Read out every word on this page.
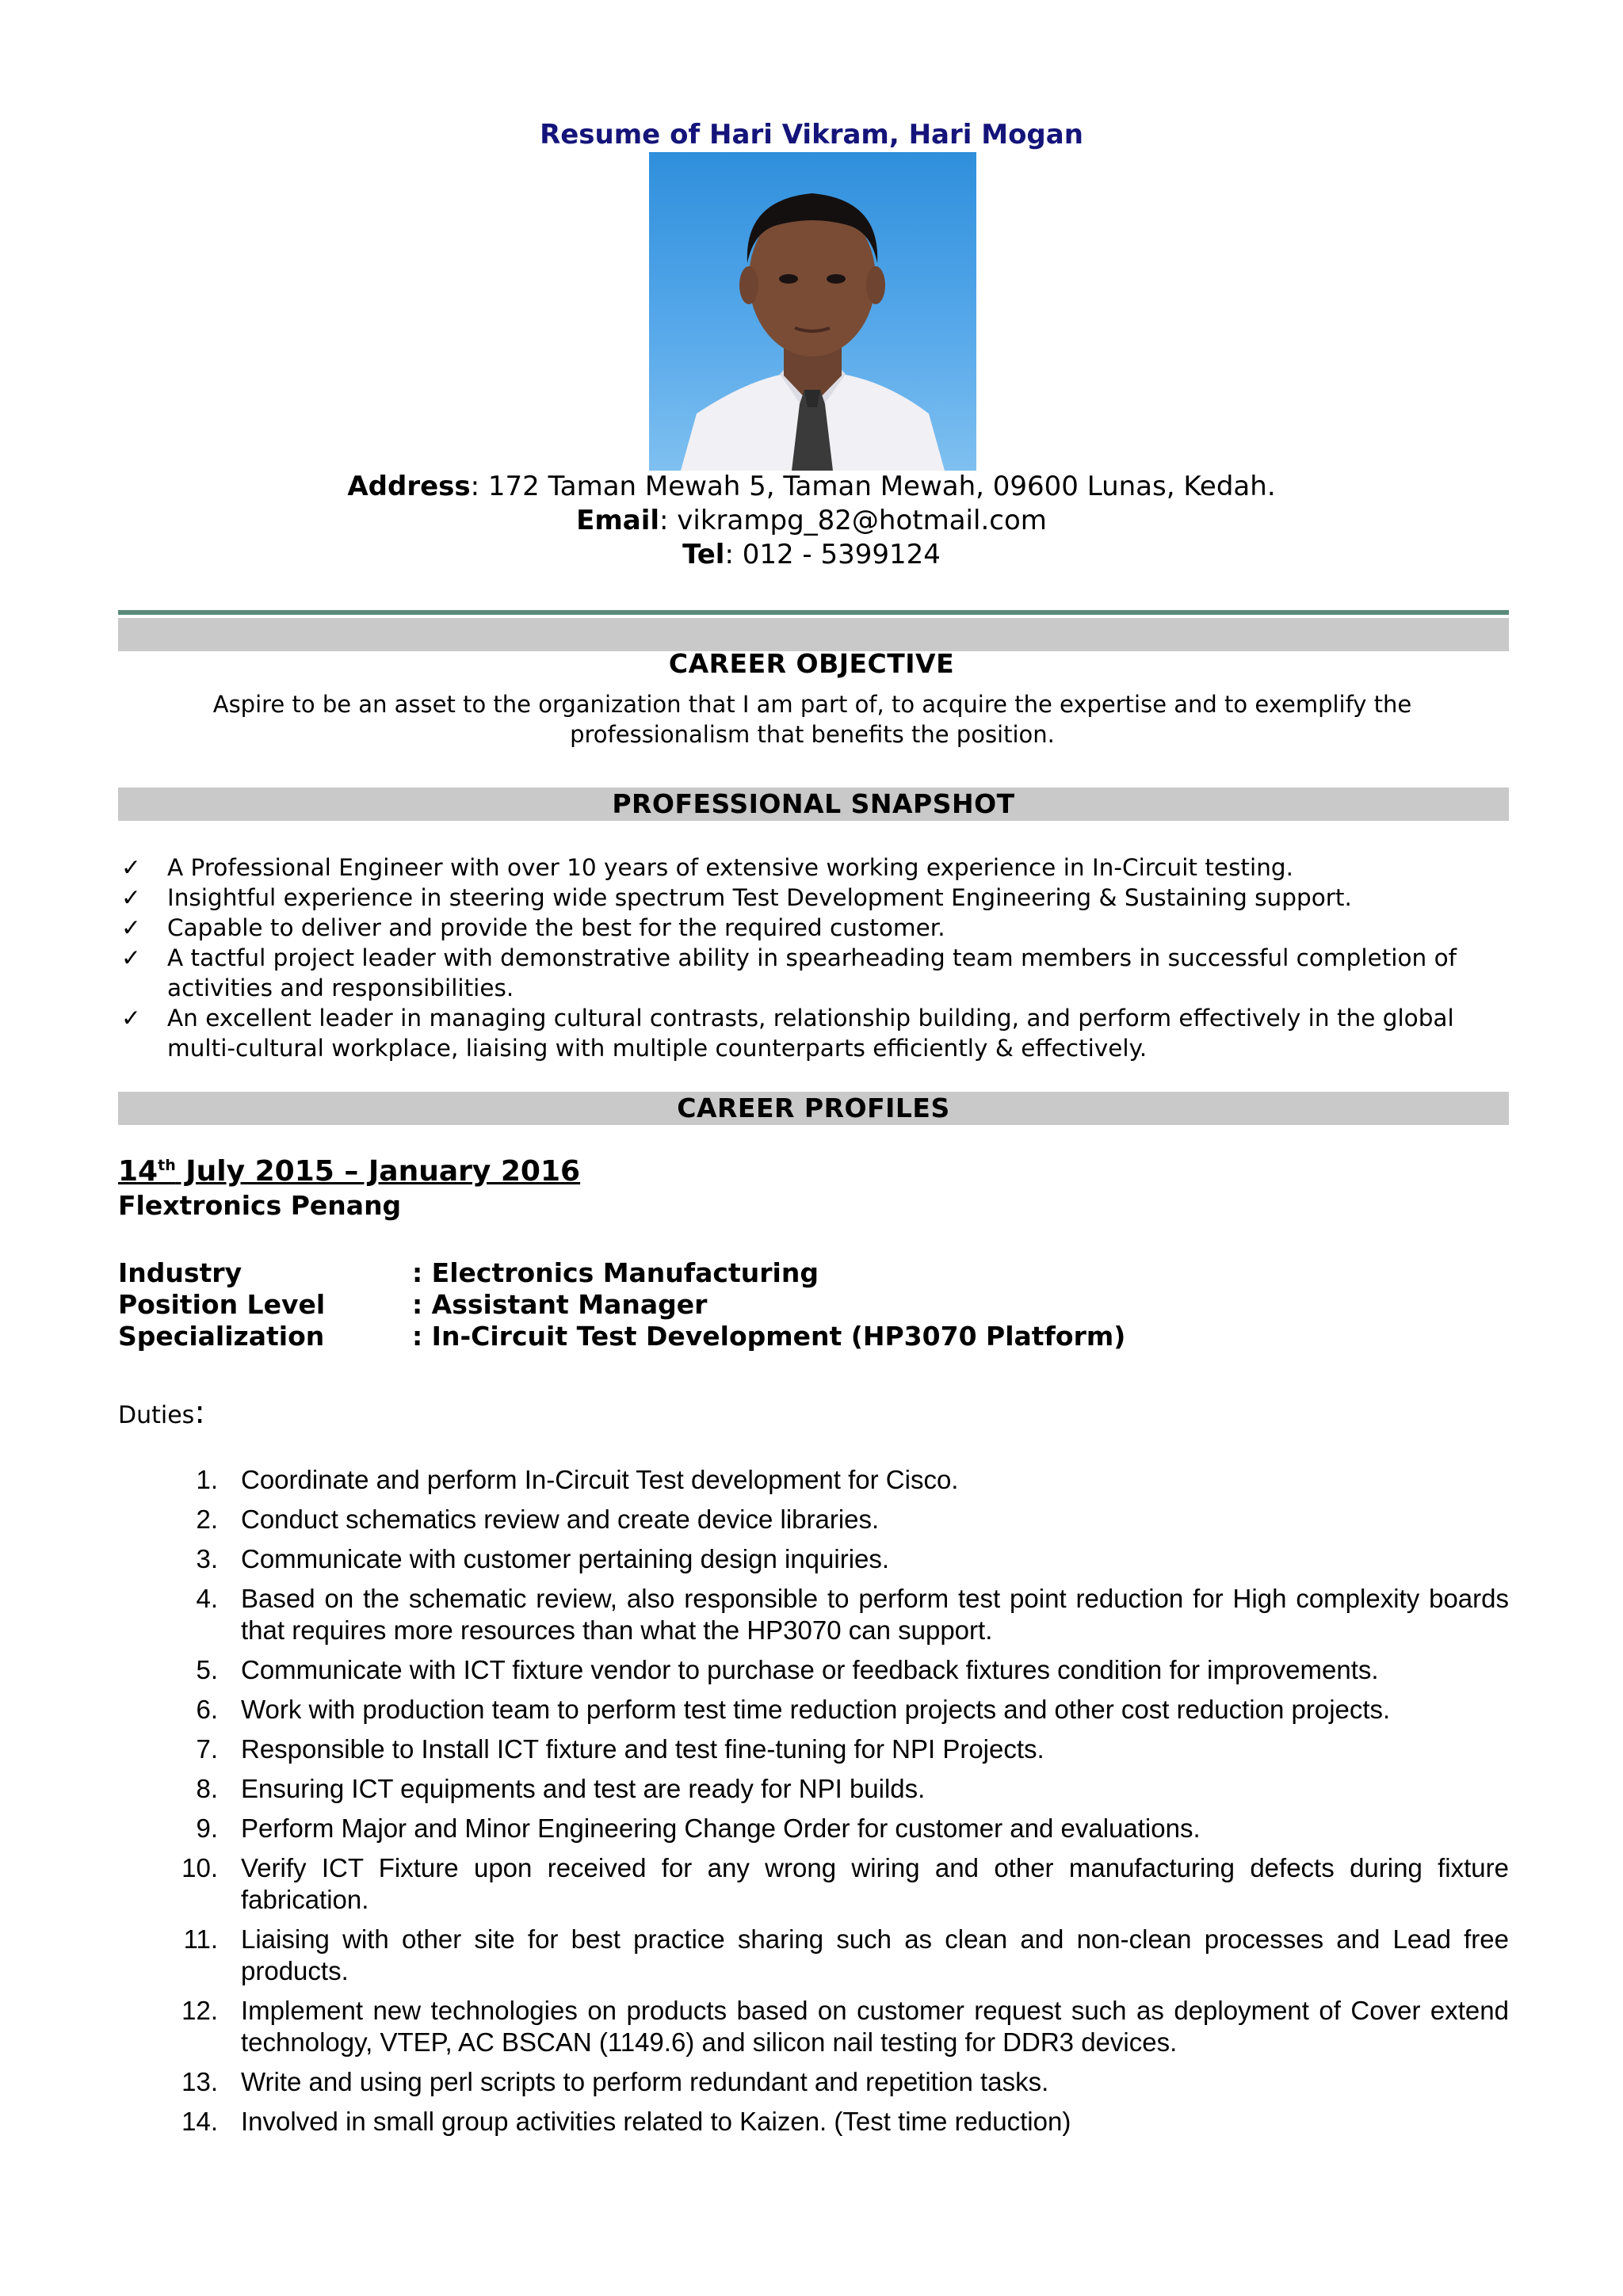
Resume of Hari Vikram, Hari Mogan
Address: 172 Taman Mewah 5, Taman Mewah, 09600 Lunas, Kedah.
Email: vikrampg_82@hotmail.com
Tel: 012 - 5399124
CAREER OBJECTIVE
Aspire to be an asset to the organization that I am part of, to acquire the expertise and to exemplify the
professionalism that benefits the position.
PROFESSIONAL SNAPSHOT
✓ A Professional Engineer with over 10 years of extensive working experience in In-Circuit testing.
✓ Insightful experience in steering wide spectrum Test Development Engineering & Sustaining support.
✓ Capable to deliver and provide the best for the required customer.
✓ A tactful project leader with demonstrative ability in spearheading team members in successful completion of activities and responsibilities.
✓ An excellent leader in managing cultural contrasts, relationship building, and perform effectively in the global multi-cultural workplace, liaising with multiple counterparts efficiently & effectively.
CAREER PROFILES
14th July 2015 – January 2016
Flextronics Penang
Industry	: Electronics Manufacturing
Position Level	: Assistant Manager
Specialization	: In-Circuit Test Development (HP3070 Platform)
Duties:
1. Coordinate and perform In-Circuit Test development for Cisco.
2. Conduct schematics review and create device libraries.
3. Communicate with customer pertaining design inquiries.
4. Based on the schematic review, also responsible to perform test point reduction for High complexity boards that requires more resources than what the HP3070 can support.
5. Communicate with ICT fixture vendor to purchase or feedback fixtures condition for improvements.
6. Work with production team to perform test time reduction projects and other cost reduction projects.
7. Responsible to Install ICT fixture and test fine-tuning for NPI Projects.
8. Ensuring ICT equipments and test are ready for NPI builds.
9. Perform Major and Minor Engineering Change Order for customer and evaluations.
10. Verify ICT Fixture upon received for any wrong wiring and other manufacturing defects during fixture fabrication.
11. Liaising with other site for best practice sharing such as clean and non-clean processes and Lead free products.
12. Implement new technologies on products based on customer request such as deployment of Cover extend technology, VTEP, AC BSCAN (1149.6) and silicon nail testing for DDR3 devices.
13. Write and using perl scripts to perform redundant and repetition tasks.
14. Involved in small group activities related to Kaizen. (Test time reduction)
